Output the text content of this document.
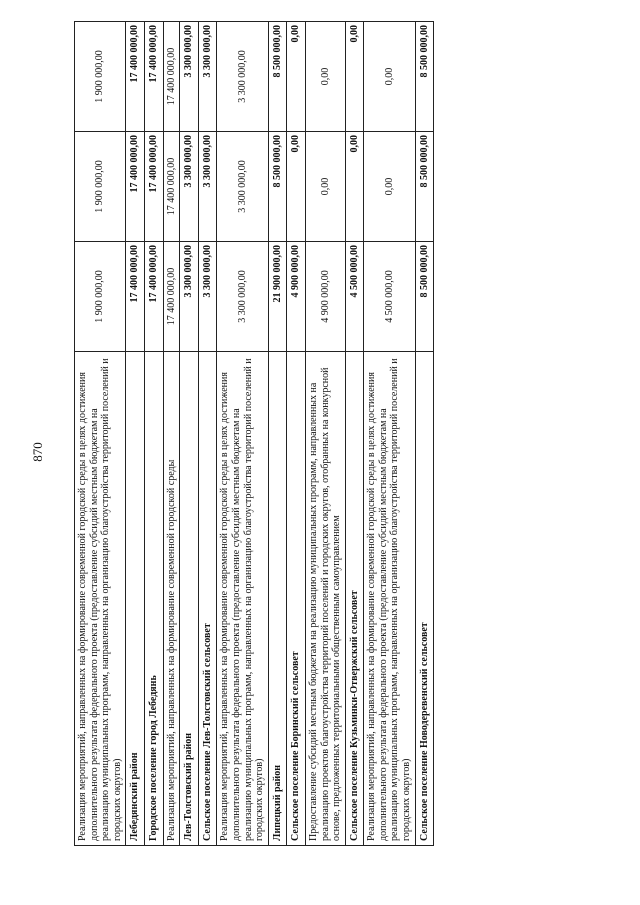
870	Реализация мероприятий, направленных на формирование современной городской среды в целях достижения дополнительного результата федерального проекта (предоставление субсидий местным бюджетам на реализацию муниципальных программ, направленных на организацию благоустройства территорий поселений и городских округов)	1 900 000,00	1 900 000,00	1 900 000,00
Лебедянский район	17 400 000,00	17 400 000,00	17 400 000,00
Городское поселение город Лебедянь	17 400 000,00	17 400 000,00	17 400 000,00
Реализация мероприятий, направленных на формирование современной городской среды	17 400 000,00	17 400 000,00	17 400 000,00
Лев-Толстовский район	3 300 000,00	3 300 000,00	3 300 000,00
Сельское поселение Лев-Толстовский сельсовет	3 300 000,00	3 300 000,00	3 300 000,00
Реализация мероприятий, направленных на формирование современной городской среды в целях достижения дополнительного результата федерального проекта (предоставление субсидий местным бюджетам на реализацию муниципальных программ, направленных на организацию благоустройства территорий поселений и городских округов)	3 300 000,00	3 300 000,00	3 300 000,00
Липецкий район	21 900 000,00	8 500 000,00	8 500 000,00
Сельское поселение Боринский сельсовет	4 900 000,00	0,00	0,00
Предоставление субсидий местным бюджетам на реализацию муниципальных программ, направленных на реализацию проектов благоустройства территорий поселений и городских округов, отобранных на конкурсной основе, предложенных территориальными общественным самоуправлением	4 900 000,00	0,00	0,00
Сельское поселение Кузьминки-Отвержский сельсовет	4 500 000,00	0,00	0,00
Реализация мероприятий, направленных на формирование современной городской среды в целях достижения дополнительного результата федерального проекта (предоставление субсидий местным бюджетам на реализацию муниципальных программ, направленных на организацию благоустройства территорий поселений и городских округов)	4 500 000,00	0,00	0,00
Сельское поселение Новодеревенский сельсовет	8 500 000,00	8 500 000,00	8 500 000,00
